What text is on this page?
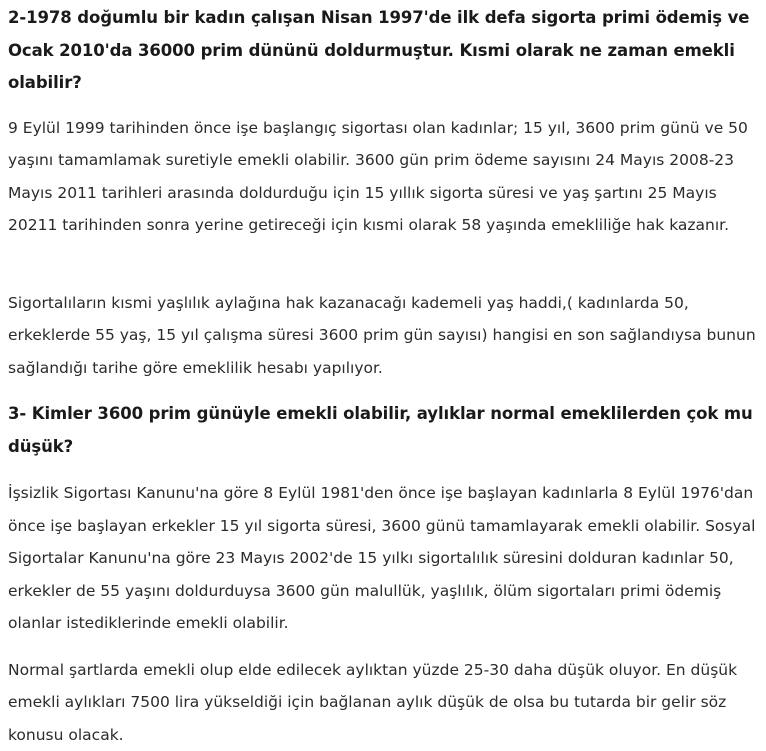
2-1978 doğumlu bir kadın çalışan Nisan 1997'de ilk defa sigorta primi ödemiş ve Ocak 2010'da 36000 prim dününü doldurmuştur. Kısmi olarak ne zaman emekli olabilir?

9 Eylül 1999 tarihinden önce işe başlangıç sigortası olan kadınlar; 15 yıl, 3600 prim günü ve 50 yaşını tamamlamak suretiyle emekli olabilir. 3600 gün prim ödeme sayısını 24 Mayıs 2008-23 Mayıs 2011 tarihleri arasında doldurduğu için 15 yıllık sigorta süresi ve yaş şartını 25 Mayıs 20211 tarihinden sonra yerine getireceği için kısmi olarak 58 yaşında emekliliğe hak kazanır.

Sigortalıların kısmi yaşlılık aylağına hak kazanacağı kademeli yaş haddi,( kadınlarda 50, erkeklerde 55 yaş, 15 yıl çalışma süresi 3600 prim gün sayısı) hangisi en son sağlandıysa bunun sağlandığı tarihe göre emeklilik hesabı yapılıyor.

3- Kimler 3600 prim günüyle emekli olabilir, aylıklar normal emeklilerden çok mu düşük?

İşsizlik Sigortası Kanunu'na göre 8 Eylül 1981'den önce işe başlayan kadınlarla 8 Eylül 1976'dan önce işe başlayan erkekler 15 yıl sigorta süresi, 3600 günü tamamlayarak emekli olabilir. Sosyal Sigortalar Kanunu'na göre 23 Mayıs 2002'de 15 yılkı sigortalılık süresini dolduran kadınlar 50, erkekler de 55 yaşını doldurduysa 3600 gün malullük, yaşlılık, ölüm sigortaları primi ödemiş olanlar istediklerinde emekli olabilir.

Normal şartlarda emekli olup elde edilecek aylıktan yüzde 25-30 daha düşük oluyor. En düşük emekli aylıkları 7500 lira yükseldiği için bağlanan aylık düşük de olsa bu tutarda bir gelir söz konusu olacak.
